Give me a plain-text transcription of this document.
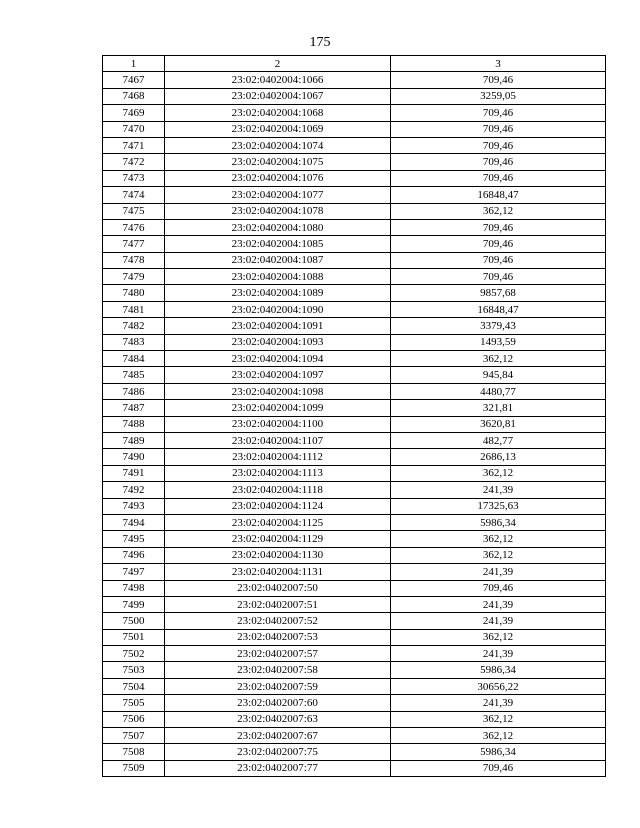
175
1	2	3
7467	23:02:0402004:1066	709,46
7468	23:02:0402004:1067	3259,05
7469	23:02:0402004:1068	709,46
7470	23:02:0402004:1069	709,46
7471	23:02:0402004:1074	709,46
7472	23:02:0402004:1075	709,46
7473	23:02:0402004:1076	709,46
7474	23:02:0402004:1077	16848,47
7475	23:02:0402004:1078	362,12
7476	23:02:0402004:1080	709,46
7477	23:02:0402004:1085	709,46
7478	23:02:0402004:1087	709,46
7479	23:02:0402004:1088	709,46
7480	23:02:0402004:1089	9857,68
7481	23:02:0402004:1090	16848,47
7482	23:02:0402004:1091	3379,43
7483	23:02:0402004:1093	1493,59
7484	23:02:0402004:1094	362,12
7485	23:02:0402004:1097	945,84
7486	23:02:0402004:1098	4480,77
7487	23:02:0402004:1099	321,81
7488	23:02:0402004:1100	3620,81
7489	23:02:0402004:1107	482,77
7490	23:02:0402004:1112	2686,13
7491	23:02:0402004:1113	362,12
7492	23:02:0402004:1118	241,39
7493	23:02:0402004:1124	17325,63
7494	23:02:0402004:1125	5986,34
7495	23:02:0402004:1129	362,12
7496	23:02:0402004:1130	362,12
7497	23:02:0402004:1131	241,39
7498	23:02:0402007:50	709,46
7499	23:02:0402007:51	241,39
7500	23:02:0402007:52	241,39
7501	23:02:0402007:53	362,12
7502	23:02:0402007:57	241,39
7503	23:02:0402007:58	5986,34
7504	23:02:0402007:59	30656,22
7505	23:02:0402007:60	241,39
7506	23:02:0402007:63	362,12
7507	23:02:0402007:67	362,12
7508	23:02:0402007:75	5986,34
7509	23:02:0402007:77	709,46
